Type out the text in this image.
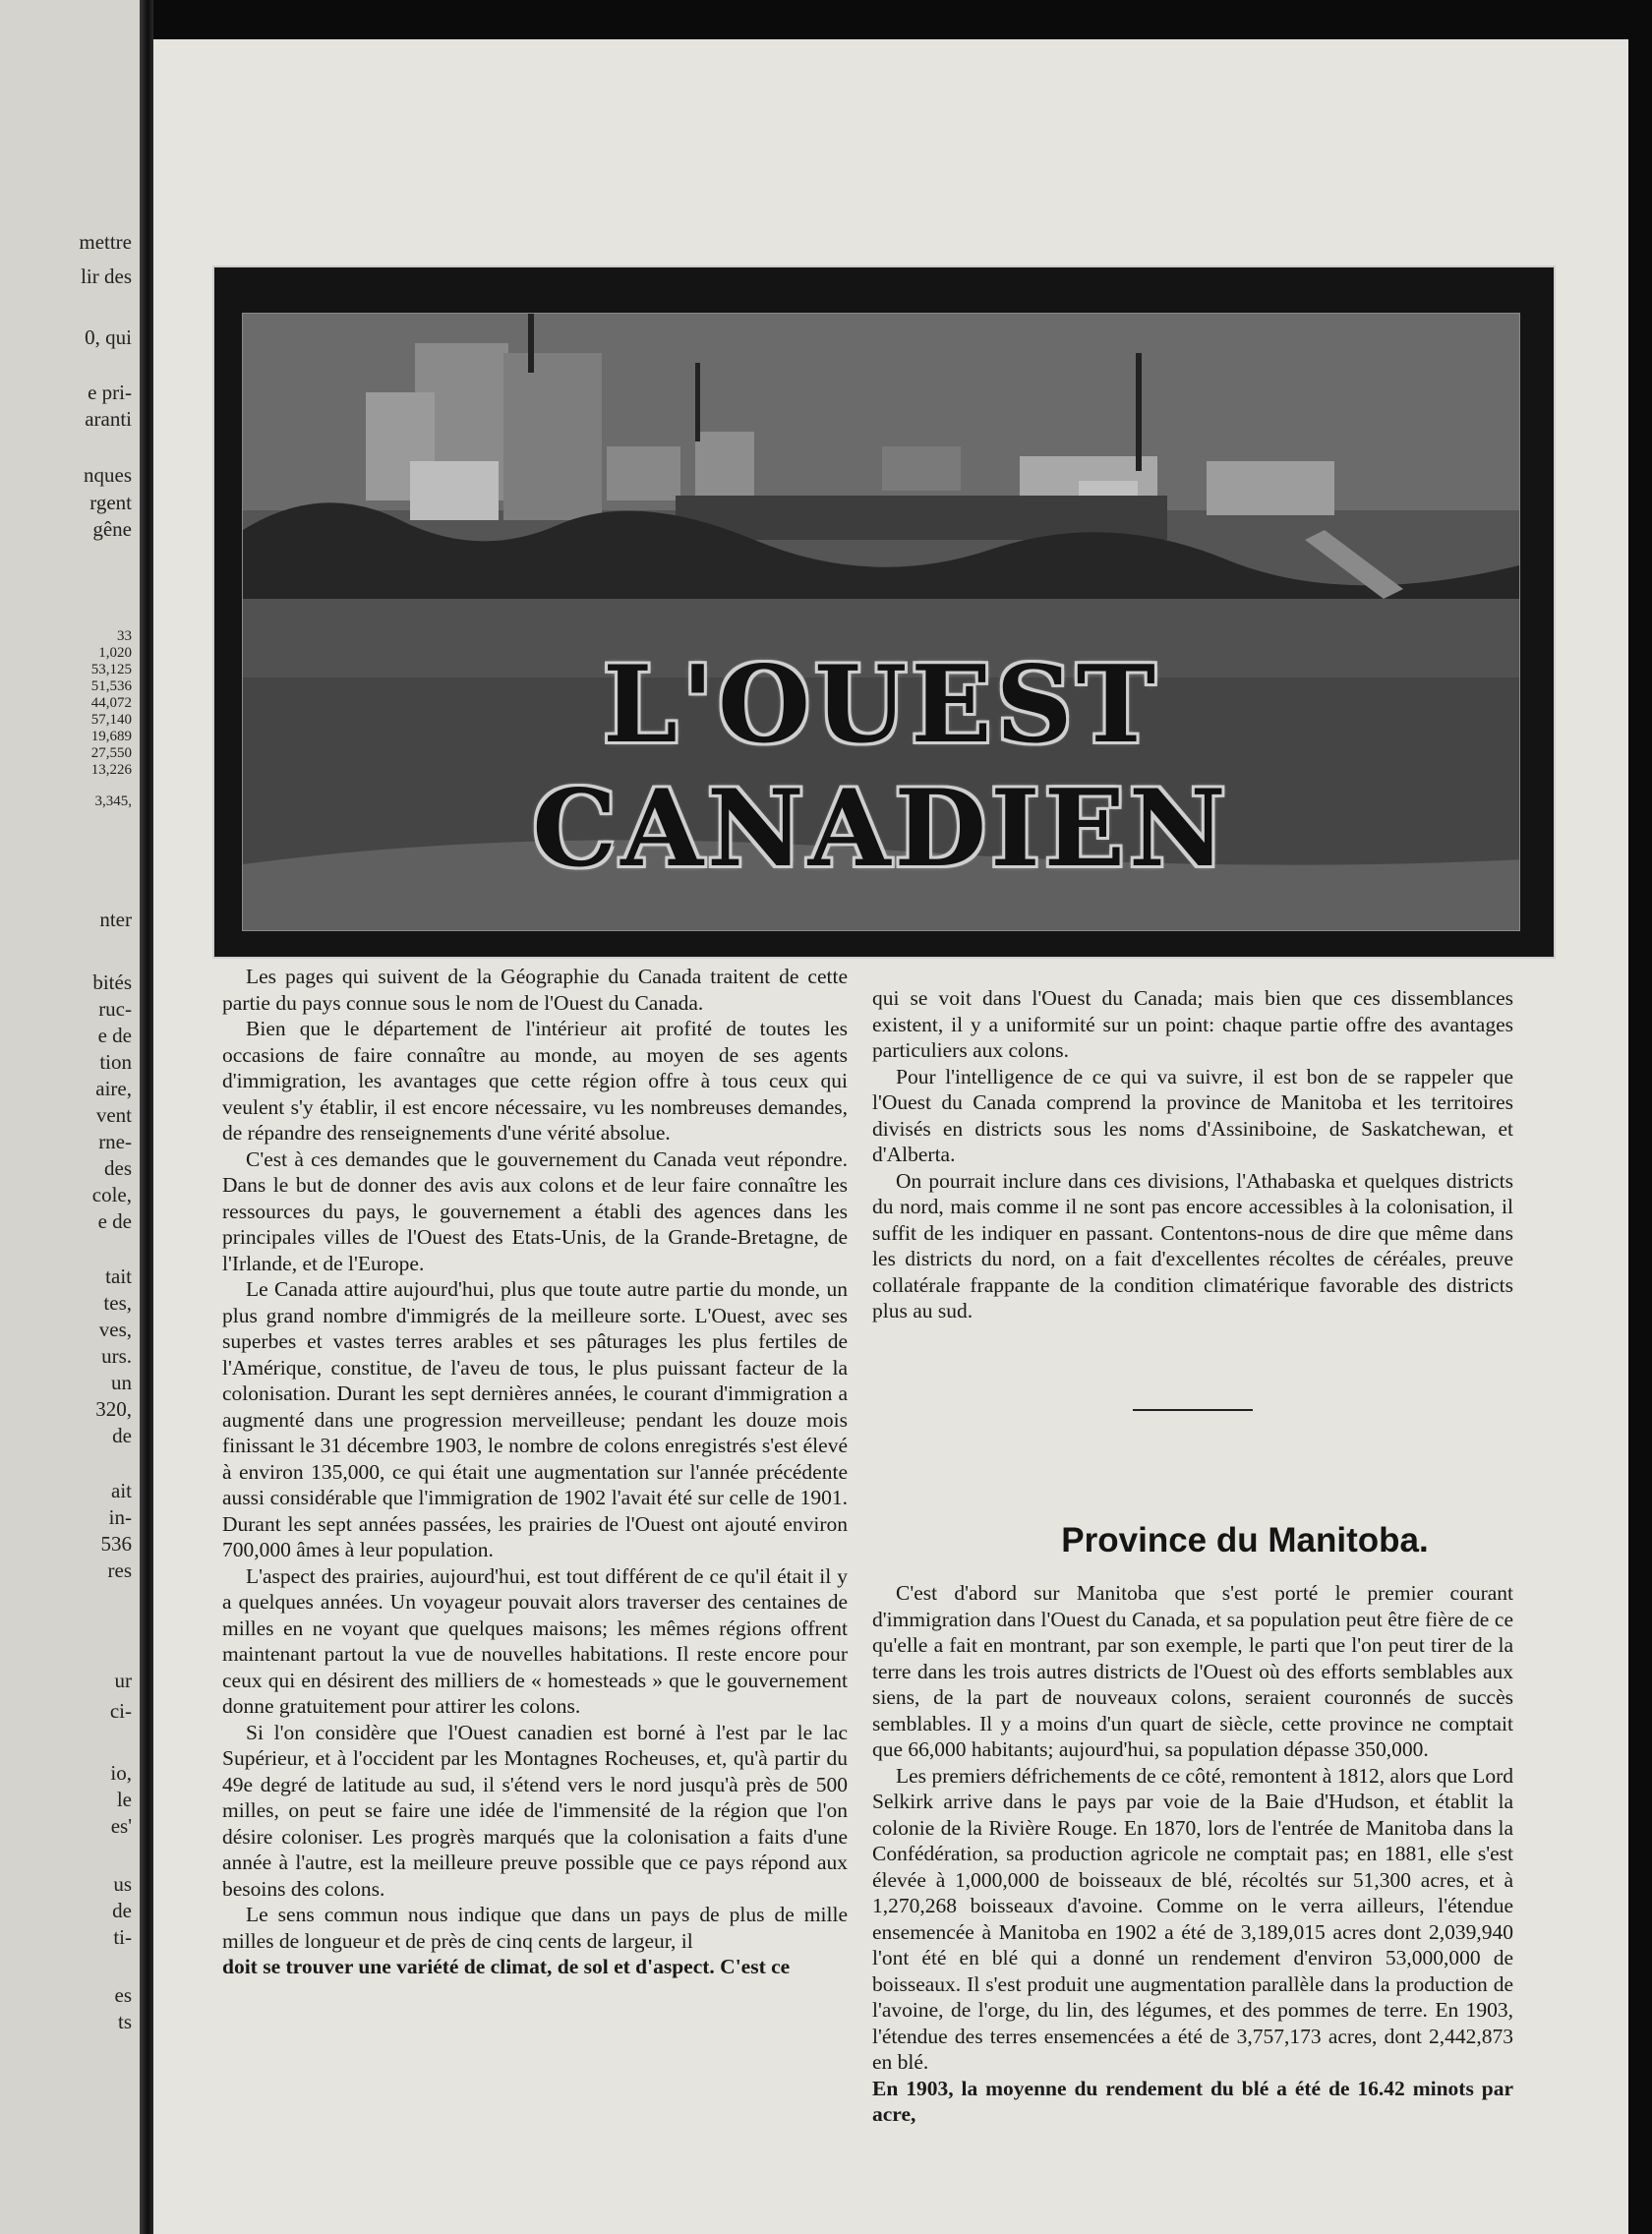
mettre
lir des
0, qui
e pri-
aranti
nques
rgent
gêne
33
1,020
53,125
51,536
44,072
57,140
19,689
27,550
13,226
3,345,
nter
bités
ruc-
e de
tion
aire,
vent
rne-
des
cole,
e de
tait
tes,
ves,
urs.
un
320,
de
ait
in-
536
res
ur
ci-
io,
le
es'
us
de
ti-
es
ts
L'OUEST CANADIEN

Les pages qui suivent de la Géographie du Canada traitent de cette partie du pays connue sous le nom de l'Ouest du Canada.

Bien que le département de l'intérieur ait profité de toutes les occasions de faire connaître au monde, au moyen de ses agents d'immigration, les avantages que cette région offre à tous ceux qui veulent s'y établir, il est encore nécessaire, vu les nombreuses demandes, de répandre des renseignements d'une vérité absolue.

C'est à ces demandes que le gouvernement du Canada veut répondre. Dans le but de donner des avis aux colons et de leur faire connaître les ressources du pays, le gouvernement a établi des agences dans les principales villes de l'Ouest des Etats-Unis, de la Grande-Bretagne, de l'Irlande, et de l'Europe.

Le Canada attire aujourd'hui, plus que toute autre partie du monde, un plus grand nombre d'immigrés de la meilleure sorte. L'Ouest, avec ses superbes et vastes terres arables et ses pâturages les plus fertiles de l'Amérique, constitue, de l'aveu de tous, le plus puissant facteur de la colonisation. Durant les sept dernières années, le courant d'immigration a augmenté dans une progression merveilleuse; pendant les douze mois finissant le 31 décembre 1903, le nombre de colons enregistrés s'est élevé à environ 135,000, ce qui était une augmentation sur l'année précédente aussi considérable que l'immigration de 1902 l'avait été sur celle de 1901. Durant les sept années passées, les prairies de l'Ouest ont ajouté environ 700,000 âmes à leur population.

L'aspect des prairies, aujourd'hui, est tout différent de ce qu'il était il y a quelques années. Un voyageur pouvait alors traverser des centaines de milles en ne voyant que quelques maisons; les mêmes régions offrent maintenant partout la vue de nouvelles habitations. Il reste encore pour ceux qui en désirent des milliers de « homesteads » que le gouvernement donne gratuitement pour attirer les colons.

Si l'on considère que l'Ouest canadien est borné à l'est par le lac Supérieur, et à l'occident par les Montagnes Rocheuses, et, qu'à partir du 49e degré de latitude au sud, il s'étend vers le nord jusqu'à près de 500 milles, on peut se faire une idée de l'immensité de la région que l'on désire coloniser. Les progrès marqués que la colonisation a faits d'une année à l'autre, est la meilleure preuve possible que ce pays répond aux besoins des colons.

Le sens commun nous indique que dans un pays de plus de mille milles de longueur et de près de cinq cents de largeur, il

doit se trouver une variété de climat, de sol et d'aspect. C'est ce

qui se voit dans l'Ouest du Canada; mais bien que ces dissemblances existent, il y a uniformité sur un point: chaque partie offre des avantages particuliers aux colons.

Pour l'intelligence de ce qui va suivre, il est bon de se rappeler que l'Ouest du Canada comprend la province de Manitoba et les territoires divisés en districts sous les noms d'Assiniboine, de Saskatchewan, et d'Alberta.

On pourrait inclure dans ces divisions, l'Athabaska et quelques districts du nord, mais comme il ne sont pas encore accessibles à la colonisation, il suffit de les indiquer en passant. Contentons-nous de dire que même dans les districts du nord, on a fait d'excellentes récoltes de céréales, preuve collatérale frappante de la condition climatérique favorable des districts plus au sud.

Province du Manitoba.

C'est d'abord sur Manitoba que s'est porté le premier courant d'immigration dans l'Ouest du Canada, et sa population peut être fière de ce qu'elle a fait en montrant, par son exemple, le parti que l'on peut tirer de la terre dans les trois autres districts de l'Ouest où des efforts semblables aux siens, de la part de nouveaux colons, seraient couronnés de succès semblables. Il y a moins d'un quart de siècle, cette province ne comptait que 66,000 habitants; aujourd'hui, sa population dépasse 350,000.

Les premiers défrichements de ce côté, remontent à 1812, alors que Lord Selkirk arrive dans le pays par voie de la Baie d'Hudson, et établit la colonie de la Rivière Rouge. En 1870, lors de l'entrée de Manitoba dans la Confédération, sa production agricole ne comptait pas; en 1881, elle s'est élevée à 1,000,000 de boisseaux de blé, récoltés sur 51,300 acres, et à 1,270,268 boisseaux d'avoine. Comme on le verra ailleurs, l'étendue ensemencée à Manitoba en 1902 a été de 3,189,015 acres dont 2,039,940 l'ont été en blé qui a donné un rendement d'environ 53,000,000 de boisseaux. Il s'est produit une augmentation parallèle dans la production de l'avoine, de l'orge, du lin, des légumes, et des pommes de terre. En 1903, l'étendue des terres ensemencées a été de 3,757,173 acres, dont 2,442,873 en blé.

En 1903, la moyenne du rendement du blé a été de 16.42 minots par acre,
